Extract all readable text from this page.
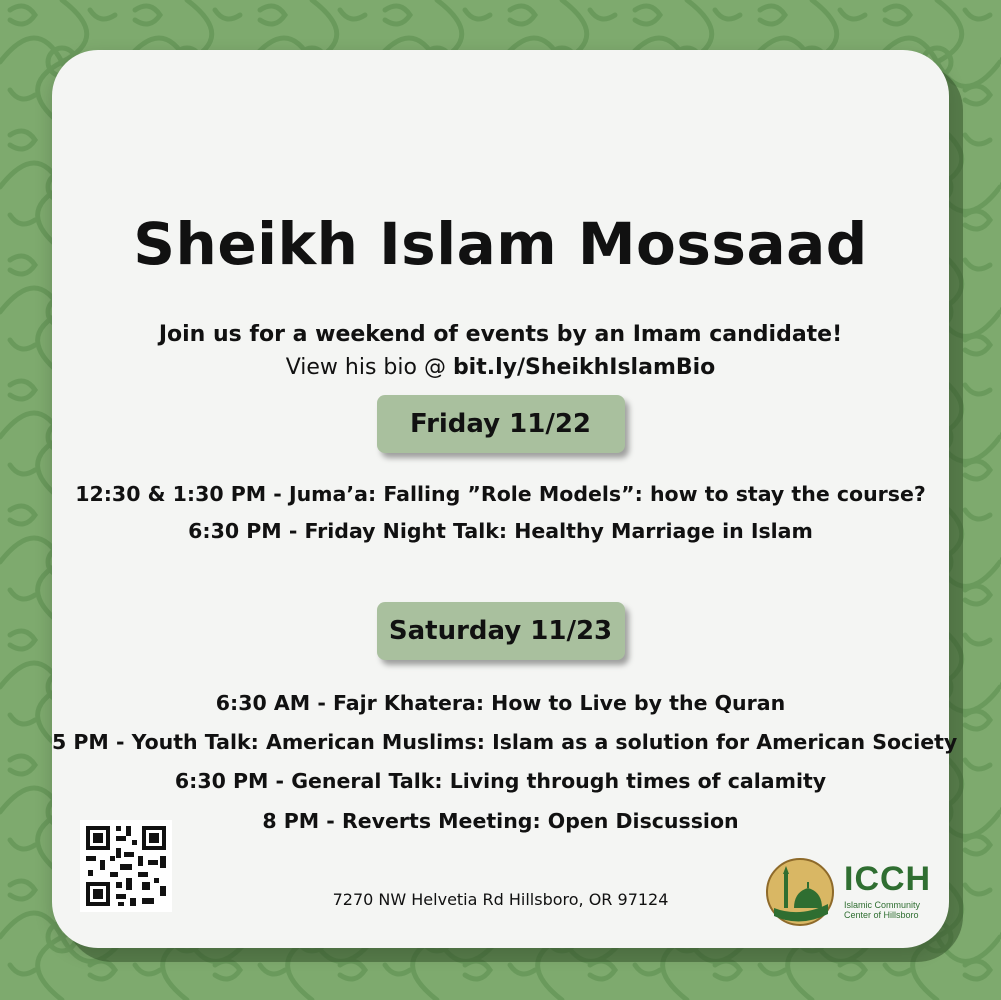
Sheikh Islam Mossaad
Join us for a weekend of events by an Imam candidate!
View his bio @ bit.ly/SheikhIslamBio
Friday 11/22
12:30 & 1:30 PM - Juma’a: Falling ”Role Models”: how to stay the course?
6:30 PM - Friday Night Talk: Healthy Marriage in Islam
Saturday 11/23
6:30 AM - Fajr Khatera: How to Live by the Quran
5 PM - Youth Talk: American Muslims: Islam as a solution for American Society
6:30 PM - General Talk: Living through times of calamity
8 PM - Reverts Meeting: Open Discussion
7270 NW Helvetia Rd Hillsboro, OR 97124
ICCH
Islamic Community Center of Hillsboro
